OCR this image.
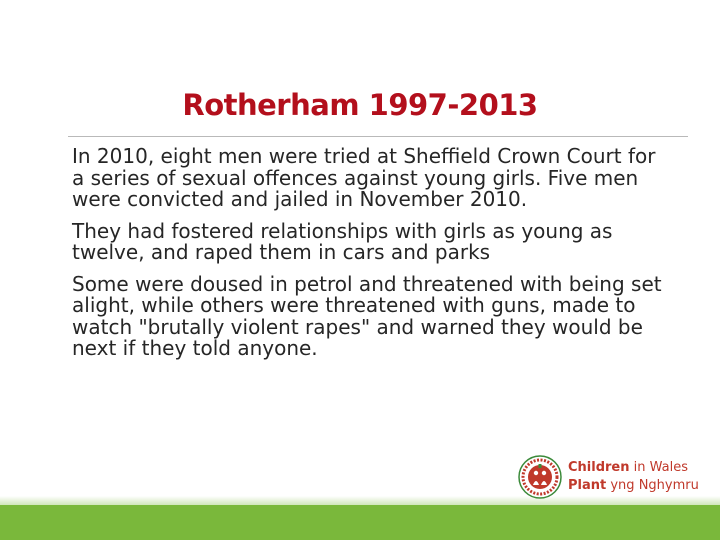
Rotherham 1997-2013

In 2010, eight men were tried at Sheffield Crown Court for a series of sexual offences against young girls. Five men were convicted and jailed in November 2010.

They had fostered relationships with girls as young as twelve, and raped them in cars and parks

Some were doused in petrol and threatened with being set alight, while others were threatened with guns, made to watch "brutally violent rapes" and warned they would be next if they told anyone.

Children in Wales
Plant yng Nghymru
